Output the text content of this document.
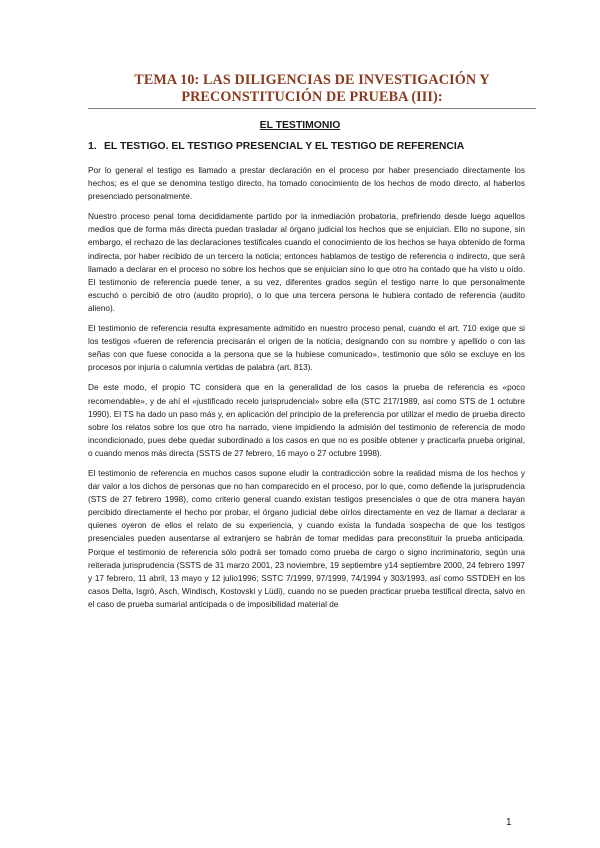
TEMA 10: LAS DILIGENCIAS DE INVESTIGACIÓN Y
PRECONSTITUCIÓN DE PRUEBA (III):
EL TESTIMONIO
1. EL TESTIGO. EL TESTIGO PRESENCIAL Y EL TESTIGO DE REFERENCIA

Por lo general el testigo es llamado a prestar declaración en el proceso por haber presenciado directamente los hechos; es el que se denomina testigo directo, ha tomado conocimiento de los hechos de modo directo, al haberlos presenciado personalmente.

Nuestro proceso penal toma decididamente partido por la inmediación probatoria, prefiriendo desde luego aquellos medios que de forma más directa puedan trasladar al órgano judicial los hechos que se enjuician. Ello no supone, sin embargo, el rechazo de las declaraciones testificales cuando el conocimiento de los hechos se haya obtenido de forma indirecta, por haber recibido de un tercero la noticia; entonces hablamos de testigo de referencia o indirecto, que será llamado a declarar en el proceso no sobre los hechos que se enjuician sino lo que otro ha contado que ha visto u oído. El testimonio de referencia puede tener, a su vez, diferentes grados según el testigo narre lo que personalmente escuchó o percibió de otro (audito proprio), o lo que una tercera persona le hubiera contado de referencia (audito alieno).

El testimonio de referencia resulta expresamente admitido en nuestro proceso penal, cuando el art. 710 exige que si los testigos «fueren de referencia precisarán el origen de la noticia, designando con su nombre y apellido o con las señas con que fuese conocida a la persona que se la hubiese comunicado», testimonio que sólo se excluye en los procesos por injuria o calumnia vertidas de palabra (art. 813).

De este modo, el propio TC considera que en la generalidad de los casos la prueba de referencia es «poco recomendable», y de ahí el «justificado recelo jurisprudencial» sobre ella (STC 217/1989, así como STS de 1 octubre 1990). El TS ha dado un paso más y, en aplicación del principio de la preferencia por utilizar el medio de prueba directo sobre los relatos sobre los que otro ha narrado, viene impidiendo la admisión del testimonio de referencia de modo incondicionado, pues debe quedar subordinado a los casos en que no es posible obtener y practicarla prueba original, o cuando menos más directa (SSTS de 27 febrero, 16 mayo o 27 octubre 1998).

El testimonio de referencia en muchos casos supone eludir la contradicción sobre la realidad misma de los hechos y dar valor a los dichos de personas que no han comparecido en el proceso, por lo que, como defiende la jurisprudencia (STS de 27 febrero 1998), como criterio general cuando existan testigos presenciales o que de otra manera hayan percibido directamente el hecho por probar, el órgano judicial debe oírlos directamente en vez de llamar a declarar a quienes oyeron de ellos el relato de su experiencia, y cuando exista la fundada sospecha de que los testigos presenciales pueden ausentarse al extranjero se habrán de tomar medidas para preconstituir la prueba anticipada. Porque el testimonio de referencia sólo podrá ser tomado como prueba de cargo o signo incriminatorio, según una reiterada jurisprudencia (SSTS de 31 marzo 2001, 23 noviembre, 19 septiembre y14 septiembre 2000, 24 febrero 1997 y 17 febrero, 11 abril, 13 mayo y 12 julio1996; SSTC 7/1999, 97/1999, 74/1994 y 303/1993, así como SSTDEH en los casos Delta, Isgrò, Asch, Windisch, Kostovski y Lüdi), cuando no se pueden practicar prueba testifical directa, salvo en el caso de prueba sumarial anticipada o de imposibilidad material de

1
